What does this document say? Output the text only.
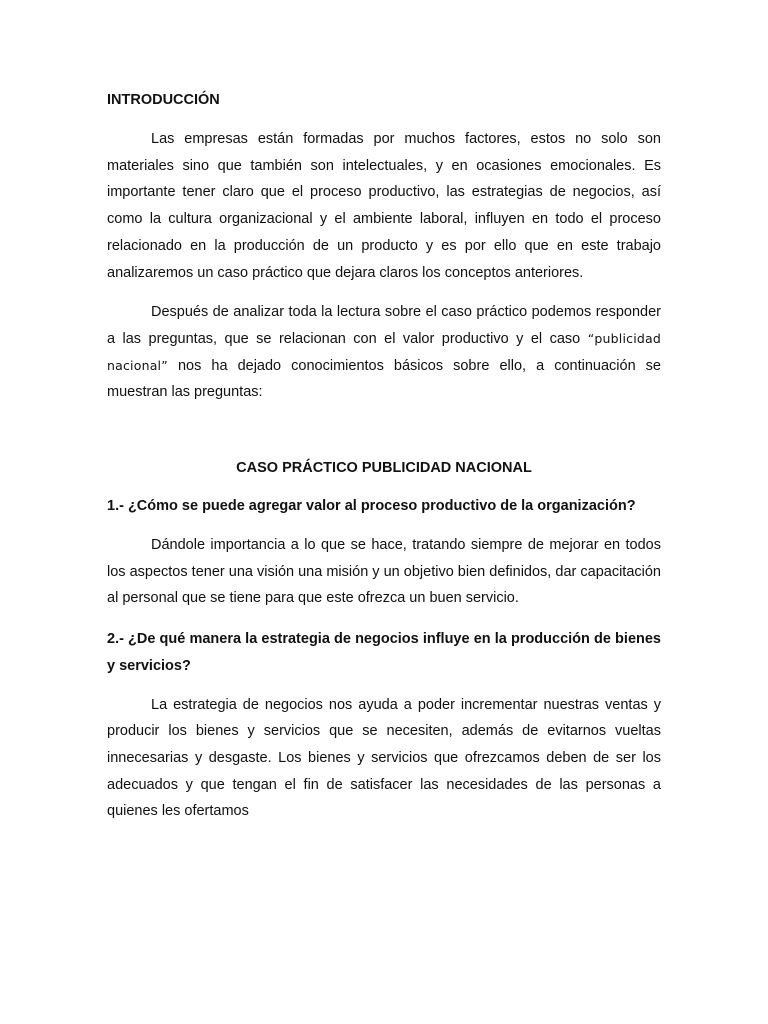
INTRODUCCIÓN

Las empresas están formadas por muchos factores, estos no solo son materiales sino que también son intelectuales, y en ocasiones emocionales. Es importante tener claro que el proceso productivo, las estrategias de negocios, así como la cultura organizacional y el ambiente laboral, influyen en todo el proceso relacionado en la producción de un producto y es por ello que en este trabajo analizaremos un caso práctico que dejara claros los conceptos anteriores.

Después de analizar toda la lectura sobre el caso práctico podemos responder a las preguntas, que se relacionan con el valor productivo y el caso “publicidad nacional” nos ha dejado conocimientos básicos sobre ello, a continuación se muestran las preguntas:

CASO PRÁCTICO PUBLICIDAD NACIONAL

1.- ¿Cómo se puede agregar valor al proceso productivo de la organización?

Dándole importancia a lo que se hace, tratando siempre de mejorar en todos los aspectos tener una visión una misión y un objetivo bien definidos, dar capacitación al personal que se tiene para que este ofrezca un buen servicio.

2.- ¿De qué manera la estrategia de negocios influye en la producción de bienes y servicios?

La estrategia de negocios nos ayuda a poder incrementar nuestras ventas y producir los bienes y servicios que se necesiten, además de evitarnos vueltas innecesarias y desgaste. Los bienes y servicios que ofrezcamos deben de ser los adecuados y que tengan el fin de satisfacer las necesidades de las personas a quienes les ofertamos
